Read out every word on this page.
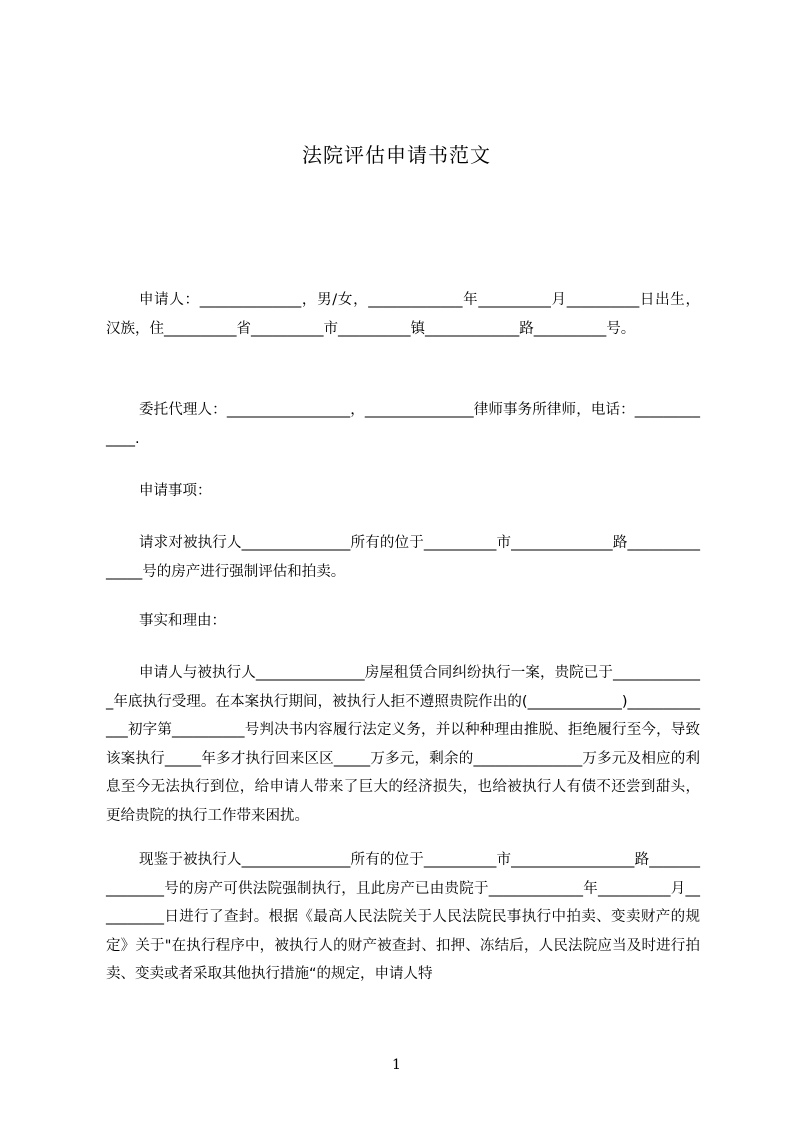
法院评估申请书范文
申请人：______________，男/女，_____________年__________月__________日出生，汉族，住__________省__________市__________镇_____________路__________号。
委托代理人：_________________，_______________律师事务所律师，电话：_____________.
申请事项：
请求对被执行人_______________所有的位于__________市______________路_______________号的房产进行强制评估和拍卖。
事实和理由：
申请人与被执行人_______________房屋租赁合同纠纷执行一案，贵院已于_____________年底执行受理。在本案执行期间，被执行人拒不遵照贵院作出的(_____________)_____________初字第__________号判决书内容履行法定义务，并以种种理由推脱、拒绝履行至今，导致该案执行_____年多才执行回来区区_____万多元，剩余的_______________万多元及相应的利息至今无法执行到位，给申请人带来了巨大的经济损失，也给被执行人有债不还尝到甜头，更给贵院的执行工作带来困扰。
现鉴于被执行人_______________所有的位于__________市_________________路_______________号的房产可供法院强制执行，且此房产已由贵院于_____________年__________月__________日进行了查封。根据《最高人民法院关于人民法院民事执行中拍卖、变卖财产的规定》关于"在执行程序中，被执行人的财产被查封、扣押、冻结后，人民法院应当及时进行拍卖、变卖或者采取其他执行措施“的规定，申请人特
1
